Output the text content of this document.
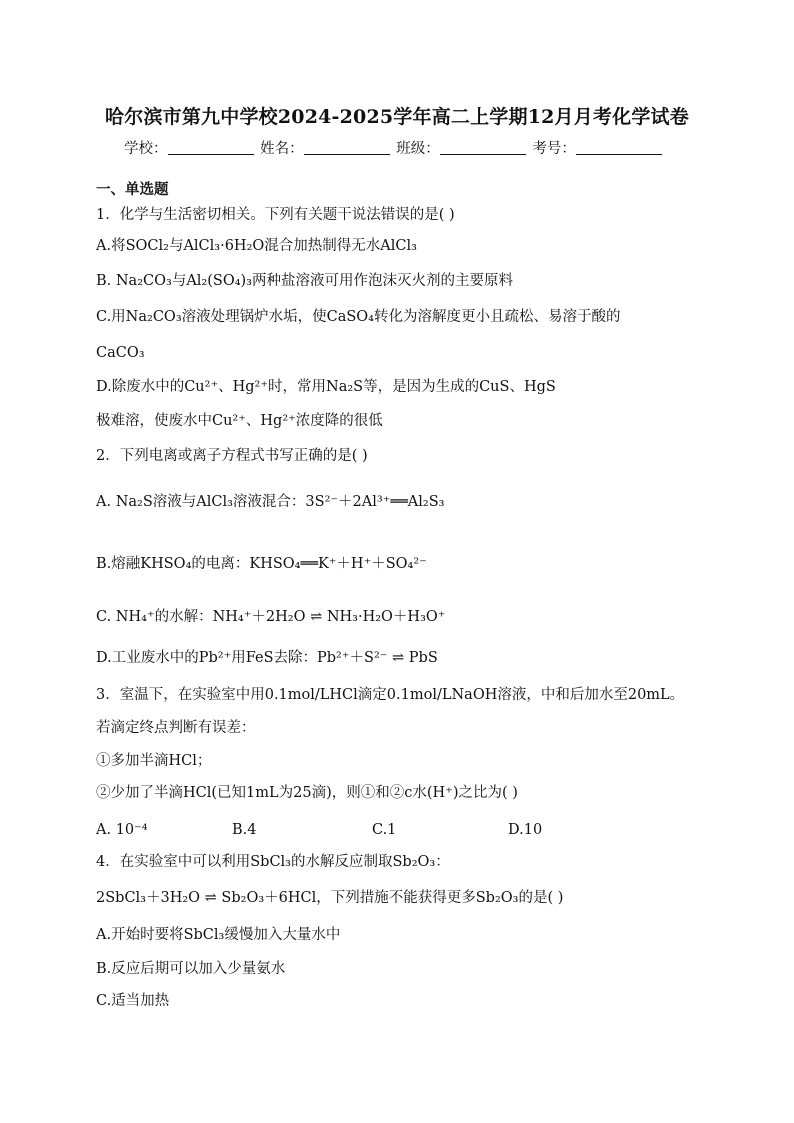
哈尔滨市第九中学校2024-2025学年高二上学期12月月考化学试卷
学校：	姓名：	班级：	考号：
一、单选题
1．化学与生活密切相关。下列有关题干说法错误的是( )
A.将SOCl₂与AlCl₃·6H₂O混合加热制得无水AlCl₃
B. Na₂CO₃与Al₂(SO₄)₃两种盐溶液可用作泡沫灭火剂的主要原料
C.用Na₂CO₃溶液处理锅炉水垢，使CaSO₄转化为溶解度更小且疏松、易溶于酸的
CaCO₃
D.除废水中的Cu²⁺、Hg²⁺时，常用Na₂S等，是因为生成的CuS、HgS
极难溶，使废水中Cu²⁺、Hg²⁺浓度降的很低
2．下列电离或离子方程式书写正确的是( )
A. Na₂S溶液与AlCl₃溶液混合：3S²⁻＋2Al³⁺══Al₂S₃
B.熔融KHSO₄的电离：KHSO₄══K⁺＋H⁺＋SO₄²⁻
C. NH₄⁺的水解：NH₄⁺＋2H₂O ⇌ NH₃·H₂O＋H₃O⁺
D.工业废水中的Pb²⁺用FeS去除：Pb²⁺＋S²⁻ ⇌ PbS
3．室温下，在实验室中用0.1mol/LHCl滴定0.1mol/LNaOH溶液，中和后加水至20mL。
若滴定终点判断有误差：
①多加半滴HCl；
②少加了半滴HCl(已知1mL为25滴)，则①和②c水(H⁺)之比为( )
A. 10⁻⁴	B.4	C.1	D.10
4．在实验室中可以利用SbCl₃的水解反应制取Sb₂O₃：
2SbCl₃＋3H₂O ⇌ Sb₂O₃＋6HCl，下列措施不能获得更多Sb₂O₃的是( )
A.开始时要将SbCl₃缓慢加入大量水中
B.反应后期可以加入少量氨水
C.适当加热
